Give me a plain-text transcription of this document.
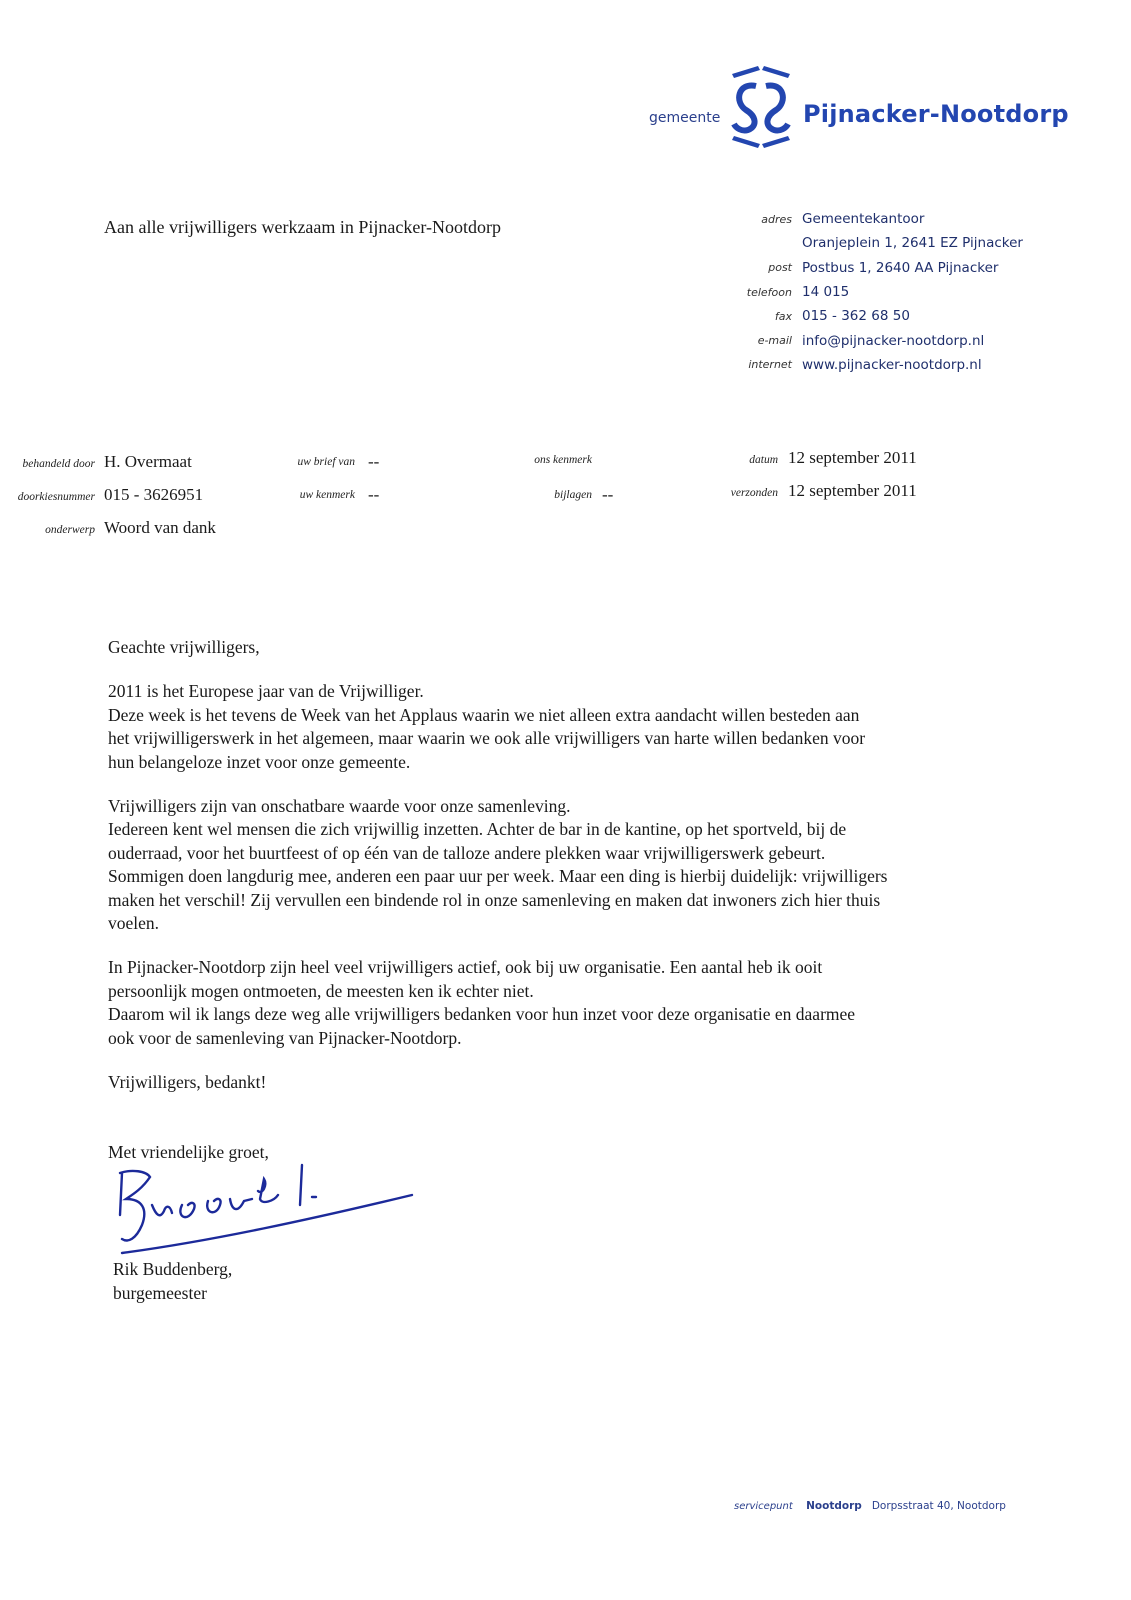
gemeente	Pijnacker-Nootdorp
Aan alle vrijwilligers werkzaam in Pijnacker-Nootdorp	adres Gemeentekantoor
Oranjeplein 1, 2641 EZ Pijnacker
post Postbus 1, 2640 AA Pijnacker
telefoon 14 015
fax 015 - 362 68 50
e-mail info@pijnacker-nootdorp.nl
internet www.pijnacker-nootdorp.nl
behandeld door H. Overmaat
doorkiesnummer 015 - 3626951
onderwerp Woord van dank
uw brief van --
uw kenmerk --
ons kenmerk
bijlagen --
datum 12 september 2011
verzonden 12 september 2011

Geachte vrijwilligers,

2011 is het Europese jaar van de Vrijwilliger.
Deze week is het tevens de Week van het Applaus waarin we niet alleen extra aandacht willen besteden aan
het vrijwilligerswerk in het algemeen, maar waarin we ook alle vrijwilligers van harte willen bedanken voor
hun belangeloze inzet voor onze gemeente.

Vrijwilligers zijn van onschatbare waarde voor onze samenleving.
Iedereen kent wel mensen die zich vrijwillig inzetten. Achter de bar in de kantine, op het sportveld, bij de
ouderraad, voor het buurtfeest of op één van de talloze andere plekken waar vrijwilligerswerk gebeurt.
Sommigen doen langdurig mee, anderen een paar uur per week. Maar een ding is hierbij duidelijk: vrijwilligers
maken het verschil! Zij vervullen een bindende rol in onze samenleving en maken dat inwoners zich hier thuis
voelen.

In Pijnacker-Nootdorp zijn heel veel vrijwilligers actief, ook bij uw organisatie. Een aantal heb ik ooit
persoonlijk mogen ontmoeten, de meesten ken ik echter niet.
Daarom wil ik langs deze weg alle vrijwilligers bedanken voor hun inzet voor deze organisatie en daarmee
ook voor de samenleving van Pijnacker-Nootdorp.

Vrijwilligers, bedankt!

Met vriendelijke groet,

Rik Buddenberg,
burgemeester
servicepunt Nootdorp Dorpsstraat 40, Nootdorp
